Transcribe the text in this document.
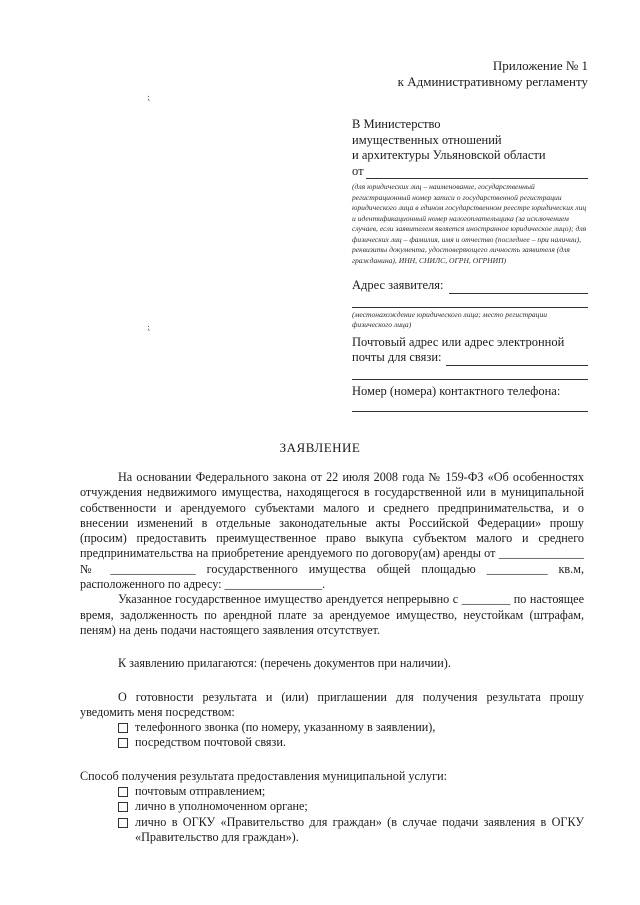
Приложение № 1
к Административному регламенту
⁏
⁏
В Министерство
имущественных отношений
и архитектуры Ульяновской области
от
(для юридических лиц – наименование, государственный регистрационный номер записи о государственной регистрации юридического лица в едином государственном реестре юридических лиц и идентификационный номер налогоплательщика (за исключением случаев, если заявителем является иностранное юридическое лицо); для физических лиц – фамилия, имя и отчество (последнее – при наличии), реквизиты документа, удостоверяющего личность заявителя (для гражданина), ИНН, СНИЛС, ОГРН, ОГРНИП)
Адрес заявителя:
(местонахождение юридического лица; место регистрации физического лица)
Почтовый адрес или адрес электронной
почты для связи:
Номер (номера) контактного телефона:
ЗАЯВЛЕНИЕ

На основании Федерального закона от 22 июля 2008 года № 159-ФЗ «Об особенностях отчуждения недвижимого имущества, находящегося в государственной или в муниципальной собственности и арендуемого субъектами малого и среднего предпринимательства, и о внесении изменений в отдельные законодательные акты Российской Федерации» прошу (просим) предоставить преимущественное право выкупа субъектом малого и среднего предпринимательства на приобретение арендуемого по договору(ам) аренды от ______________ № ______________ государственного имущества общей площадью __________ кв.м, расположенного по адресу: ________________.

Указанное государственное имущество арендуется непрерывно с ________ по настоящее время, задолженность по арендной плате за арендуемое имущество, неустойкам (штрафам, пеням) на день подачи настоящего заявления отсутствует.

К заявлению прилагаются: (перечень документов при наличии).

О готовности результата и (или) приглашении для получения результата прошу уведомить меня посредством:

телефонного звонка (по номеру, указанному в заявлении),
посредством почтовой связи.

Способ получения результата предоставления муниципальной услуги:

почтовым отправлением;
лично в уполномоченном органе;
лично в ОГКУ «Правительство для граждан» (в случае подачи заявления в ОГКУ «Правительство для граждан»).
